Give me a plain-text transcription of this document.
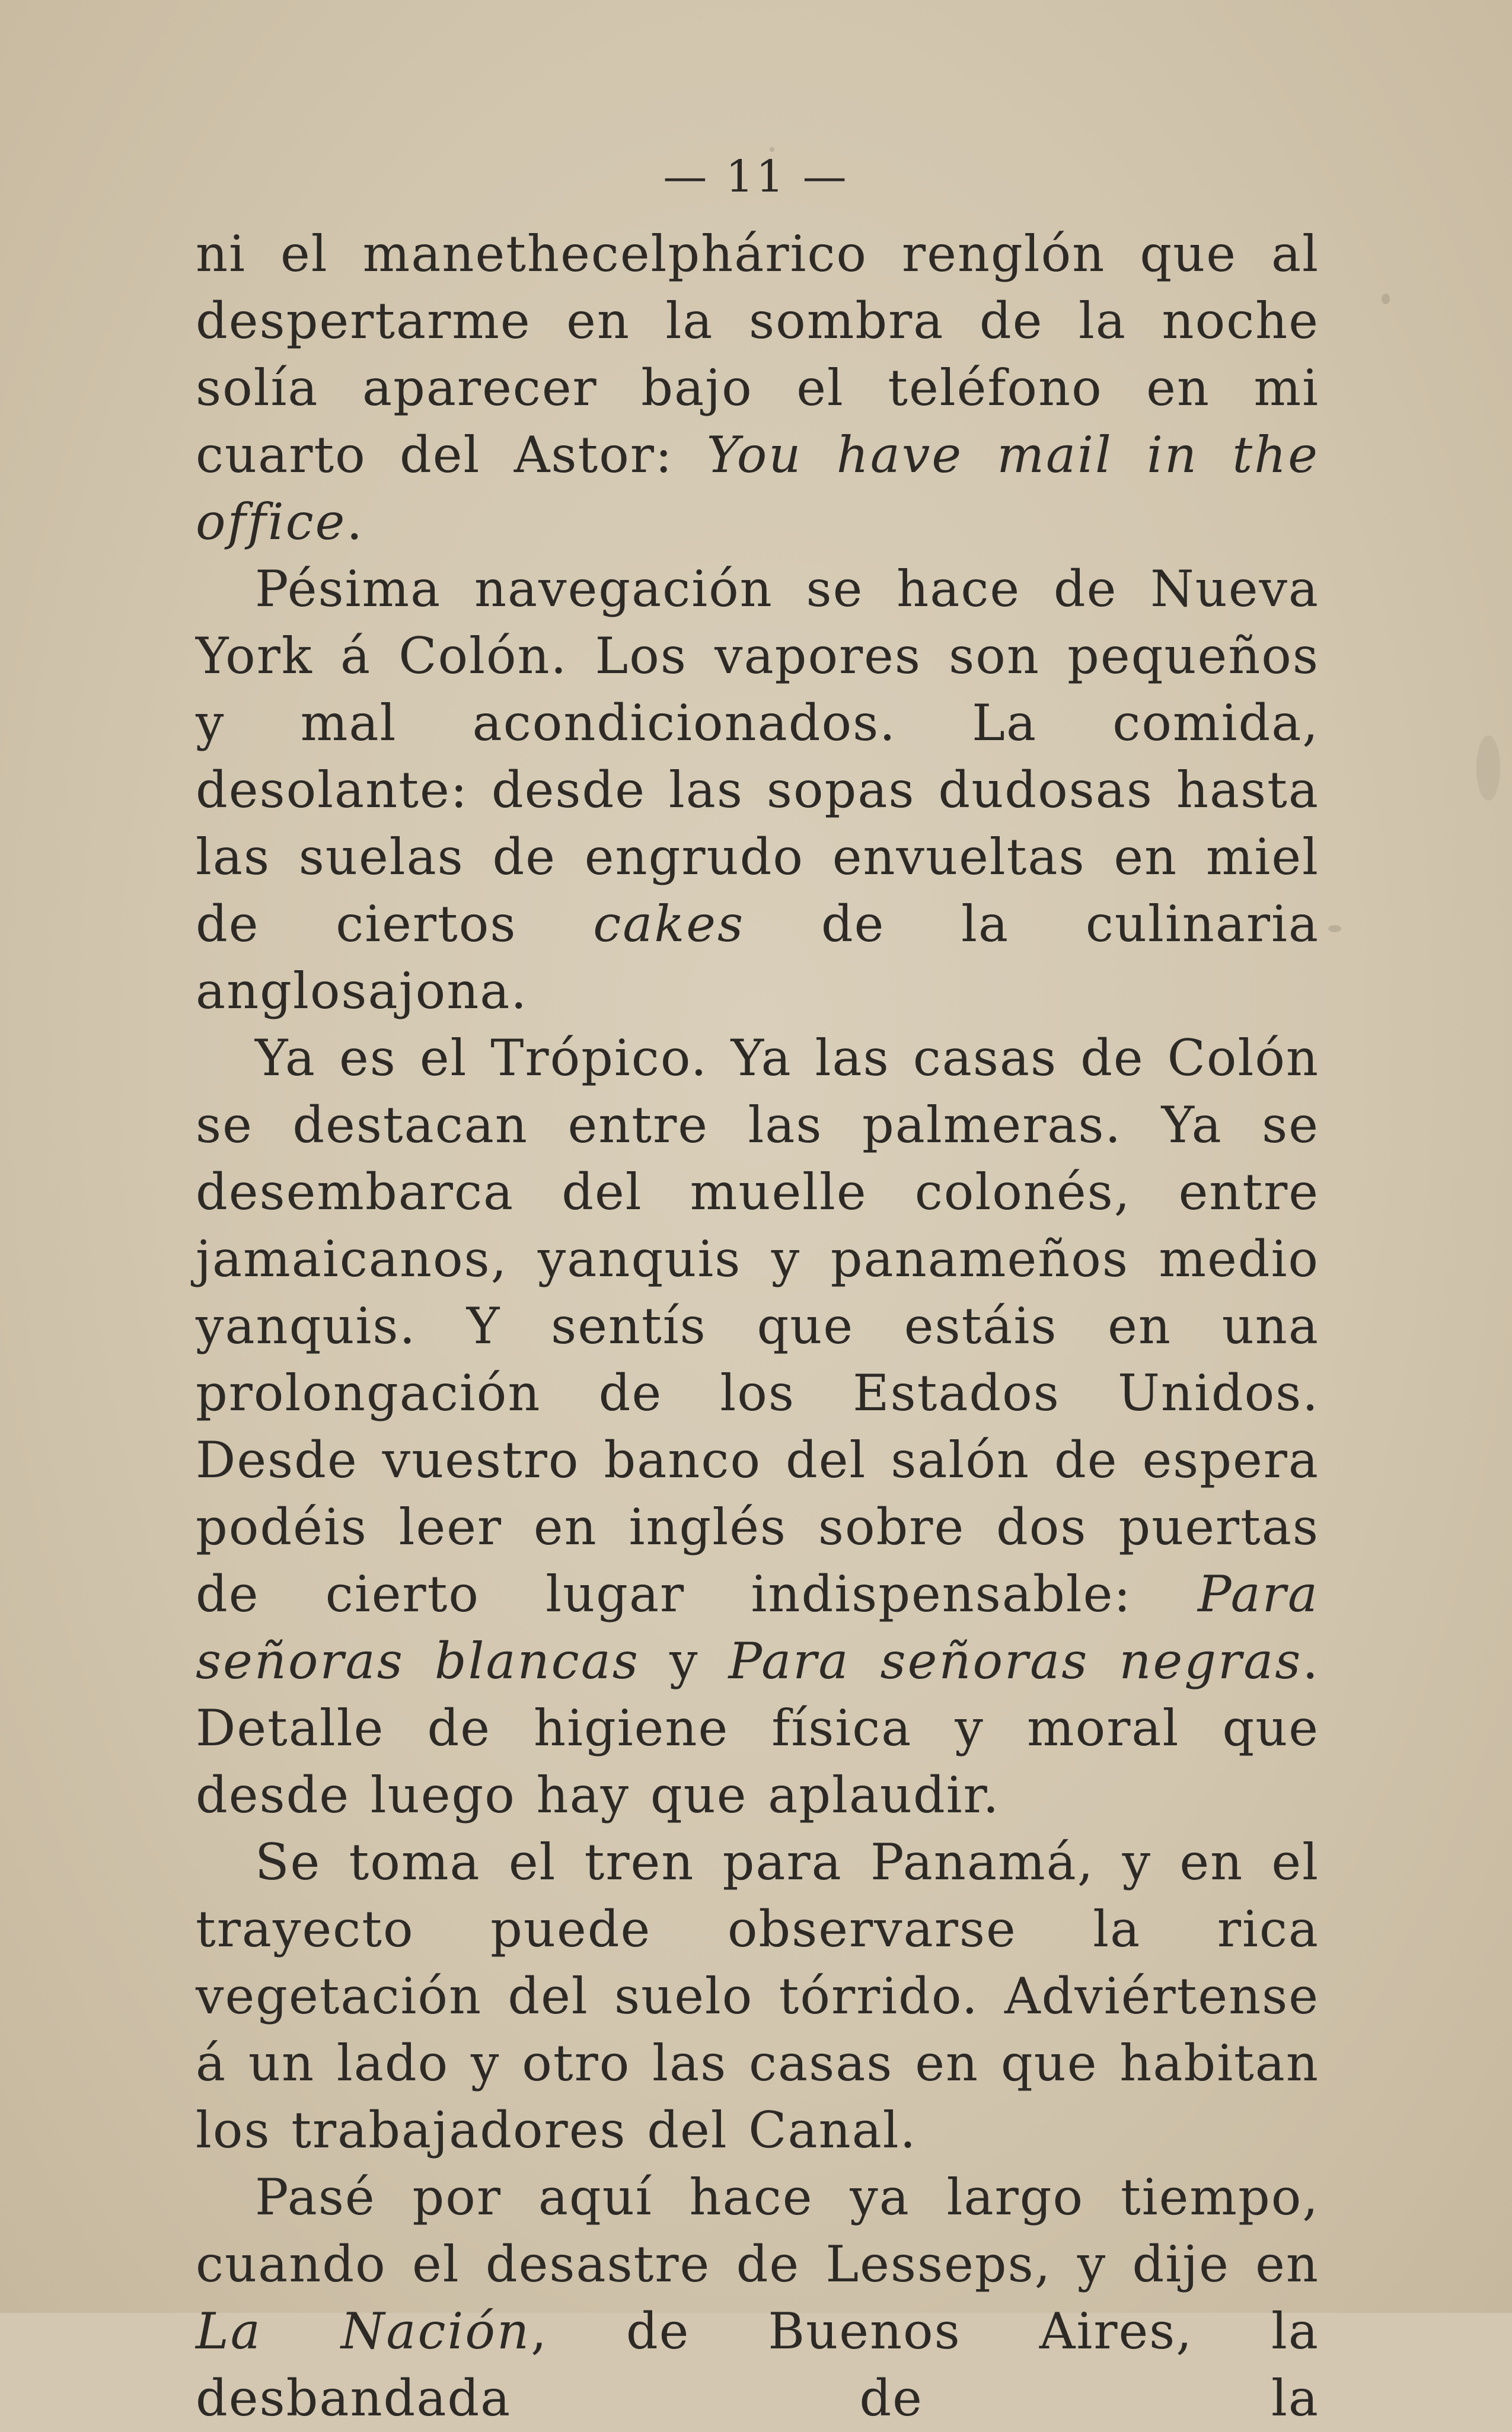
— 11 —

ni el manethecelphárico renglón que al despertarme en la sombra de la noche solía aparecer bajo el teléfono en mi cuarto del Astor: You have mail in the office.

Pésima navegación se hace de Nueva York á Colón. Los vapores son pequeños y mal acondicionados. La comida, desolante: desde las sopas dudosas hasta las suelas de engrudo envueltas en miel de ciertos cakes de la culinaria anglosajona.

Ya es el Trópico. Ya las casas de Colón se destacan entre las palmeras. Ya se desembarca del muelle colonés, entre jamaicanos, yanquis y panameños medio yanquis. Y sentís que estáis en una prolongación de los Estados Unidos. Desde vuestro banco del salón de espera podéis leer en inglés sobre dos puertas de cierto lugar indispensable: Para señoras blancas y Para señoras negras. Detalle de higiene física y moral que desde luego hay que aplaudir.

Se toma el tren para Panamá, y en el trayecto puede observarse la rica vegetación del suelo tórrido. Adviértense á un lado y otro las casas en que habitan los trabajadores del Canal.

Pasé por aquí hace ya largo tiempo, cuando el desastre de Lesseps, y dije en La Nación, de Buenos Aires, la desbandada de la
